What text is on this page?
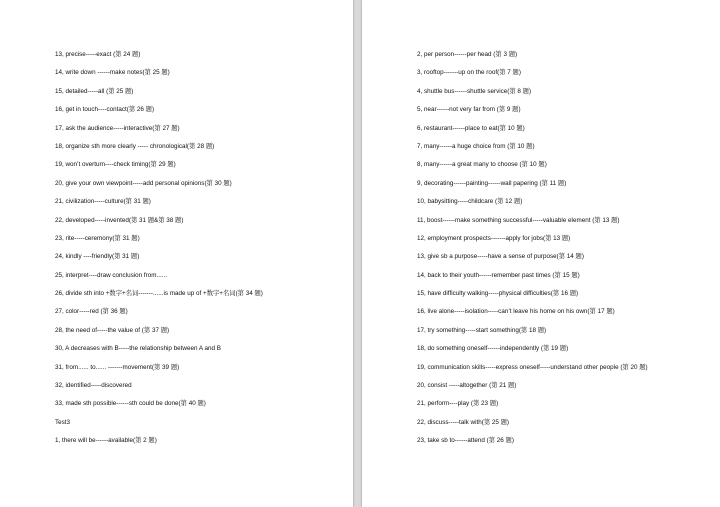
13, precise-----exact (第 24 题)
14, write down ------make notes(第 25 题)
15, detailed-----all (第 25 题)
16, get in touch----contact(第 26 题)
17, ask the audience-----interactive(第 27 题)
18, organize sth more clearly ----- chronological(第 28 题)
19, won’t overturn----check timing(第 29 题)
20, give your own viewpoint-----add personal opinions(第 30 题)
21, civilization-----culture(第 31 题)
22, developed-----invented(第 31 题&第 38 题)
23, rite-----ceremony(第 31 题)
24, kindly ----friendly(第 31 题)
25, interpret----draw conclusion from......
26, divide sth into +数字+名词-------......is made up of +数字+名词(第 34 题)
27, color-----red (第 36 题)
28, the need of-----the value of (第 37 题)
30, A decreases with B-----the relationship between A and B
31, from...... to...... -------movement(第 39 题)
32, identified-----discovered
33, made sth possible------sth could be done(第 40 题)
Test3
1, there will be------available(第 2 题)
2, per person------per head (第 3 题)
3, rooftop-------up on the roof(第 7 题)
4, shuttle bus------shuttle service(第 8 题)
5, near------not very far from (第 9 题)
6, restaurant------place to eat(第 10 题)
7, many------a huge choice from (第 10 题)
8, many------a great many to choose (第 10 题)
9, decorating------painting------wall papering (第 11 题)
10, babysitting-----childcare (第 12 题)
11, boost------make something successful-----valuable element (第 13 题)
12, employment prospects-------apply for jobs(第 13 题)
13, give sb a purpose-----have a sense of purpose(第 14 题)
14, back to their youth------remember past times (第 15 题)
15, have difficulty walking-----physical difficulties(第 16 题)
16, live alone-----isolation-----can’t leave his home on his own(第 17 题)
17, try something-----start something(第 18 题)
18, do something oneself------independently (第 19 题)
19, communication skills-----express oneself-----understand other people (第 20 题)
20, consist -----altogether (第 21 题)
21, perform----play (第 23 题)
22, discuss-----talk with(第 25 题)
23, take sb to------attend (第 26 题)
